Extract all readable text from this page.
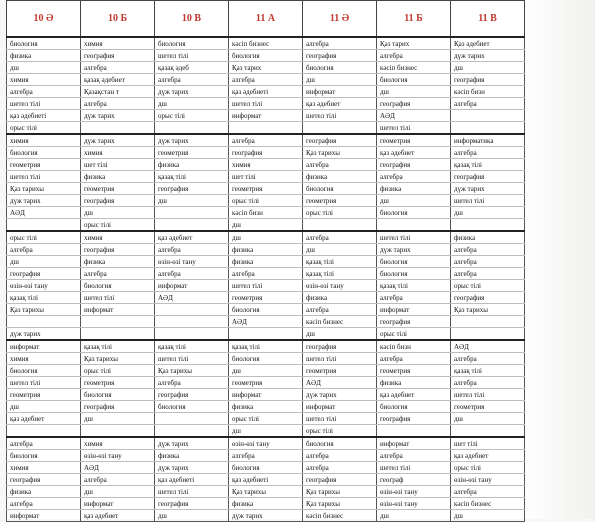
10 Ә	10 Б	10 В	11 А	11 Ә	11 Б	11 В
биология	химия	биология	кәсіп бизнес	алгебра	Қаз тарих	Қаз әдебиет
физика	география	шетел тілі	биология	география	алгебра	дүж тарих
дш	алгебра	қазақ әдеб	Қаз тарих	биология	кәсіп бизнес	дш
химия	қазақ әдебиет	алгебра	алгебра	дш	биология	география
алгебра	Қазақстан т	дүж тарих	қаз әдебиеті	информат	дш	кәсіп бизн
шетел тілі	алгебра	дш	шетел тілі	қаз әдебиет	география	алгебра
қаз әдебиеті	дүж тарих	орыс тілі	информат	шетел тілі	АӘД	
орыс тілі					шетел тілі	
химия	дүж тарих	дүж тарих	алгебра	география	геометрия	информатика
биология	химия	геометрия	география	Қаз тарихы	қаз әдебиет	алгебра
геометрия	шет тілі	физика	химия	алгебра	география	қазақ тілі
шетел тілі	физика	қазақ тілі	шет тілі	физика	алгебра	география
Қаз тарихы	геометрия	география	геометрия	биология	физика	дүж тарих
дүж тарих	география	дш	орыс тілі	геометрия	дш	шетел тілі
АӘД	дш		кәсіп бизн	орыс тілі	биология	дш
	орыс тілі		дш			
орыс тілі	химия	қаз әдебиет	дш	алгебра	шетел тілі	физика
алгебра	география	алгебра	физика	дш	дүж тарих	алгебра
дш	физика	өзін-өзі тану	физика	қазақ тілі	биология	алгебра
география	алгебра	алгебра	алгебра	қазақ тілі	биология	алгебра
өзін-өзі тану	биология	информат	шетел тілі	өзін-өзі тану	қазақ тілі	орыс тілі
қазақ тілі	шетел тілі	АӘД	геометрия	физика	алгебра	география
Қаз тарихы	информат		биология	алгебра	информат	Қаз тарихы
			АӘД	кәсіп бизнес	география	
дүж тарих				дш	орыс тілі	
информат	қазақ тілі	қазақ тілі	қазақ тілі	география	кәсіп бизн	АӘД
химия	Қаз тарихы	шетел тілі	биология	шетел тілі	алгебра	алгебра
биология	орыс тілі	Қаз тарихы	дш	геометрия	геометрия	қазақ тілі
шетел тілі	геометрия	алгебра	геометрия	АӘД	физика	алгебра
геометрия	биология	география	информат	дүж тарих	қаз әдебиет	шетел тілі
дш	география	биология	физика	информат	биология	геометрия
қаз әдебиет	дш		орыс тілі	шетел тілі	география	дш
			дш	орыс тілі		
алгебра	химия	дүж тарих	өзін-өзі тану	биология	информат	шет тілі
биология	өзін-өзі тану	физика	алгебра	алгебра	алгебра	қаз әдебиет
химия	АӘД	дүж тарих	биология	алгебра	шетел тілі	орыс тілі
география	алгебра	қаз әдебиеті	қаз әдебиеті	география	географ	өзін-өзі тану
физика	дш	шетел тілі	Қаз тарихы	Қаз тарихы	өзін-өзі тану	алгебра
алгебра	информат	география	физика	Қаз тарихы	өзін-өзі тану	кәсіп бизнес
информат	қаз әдебиет	дш	дүж тарих	кәсіп бизнес	дш	дш
